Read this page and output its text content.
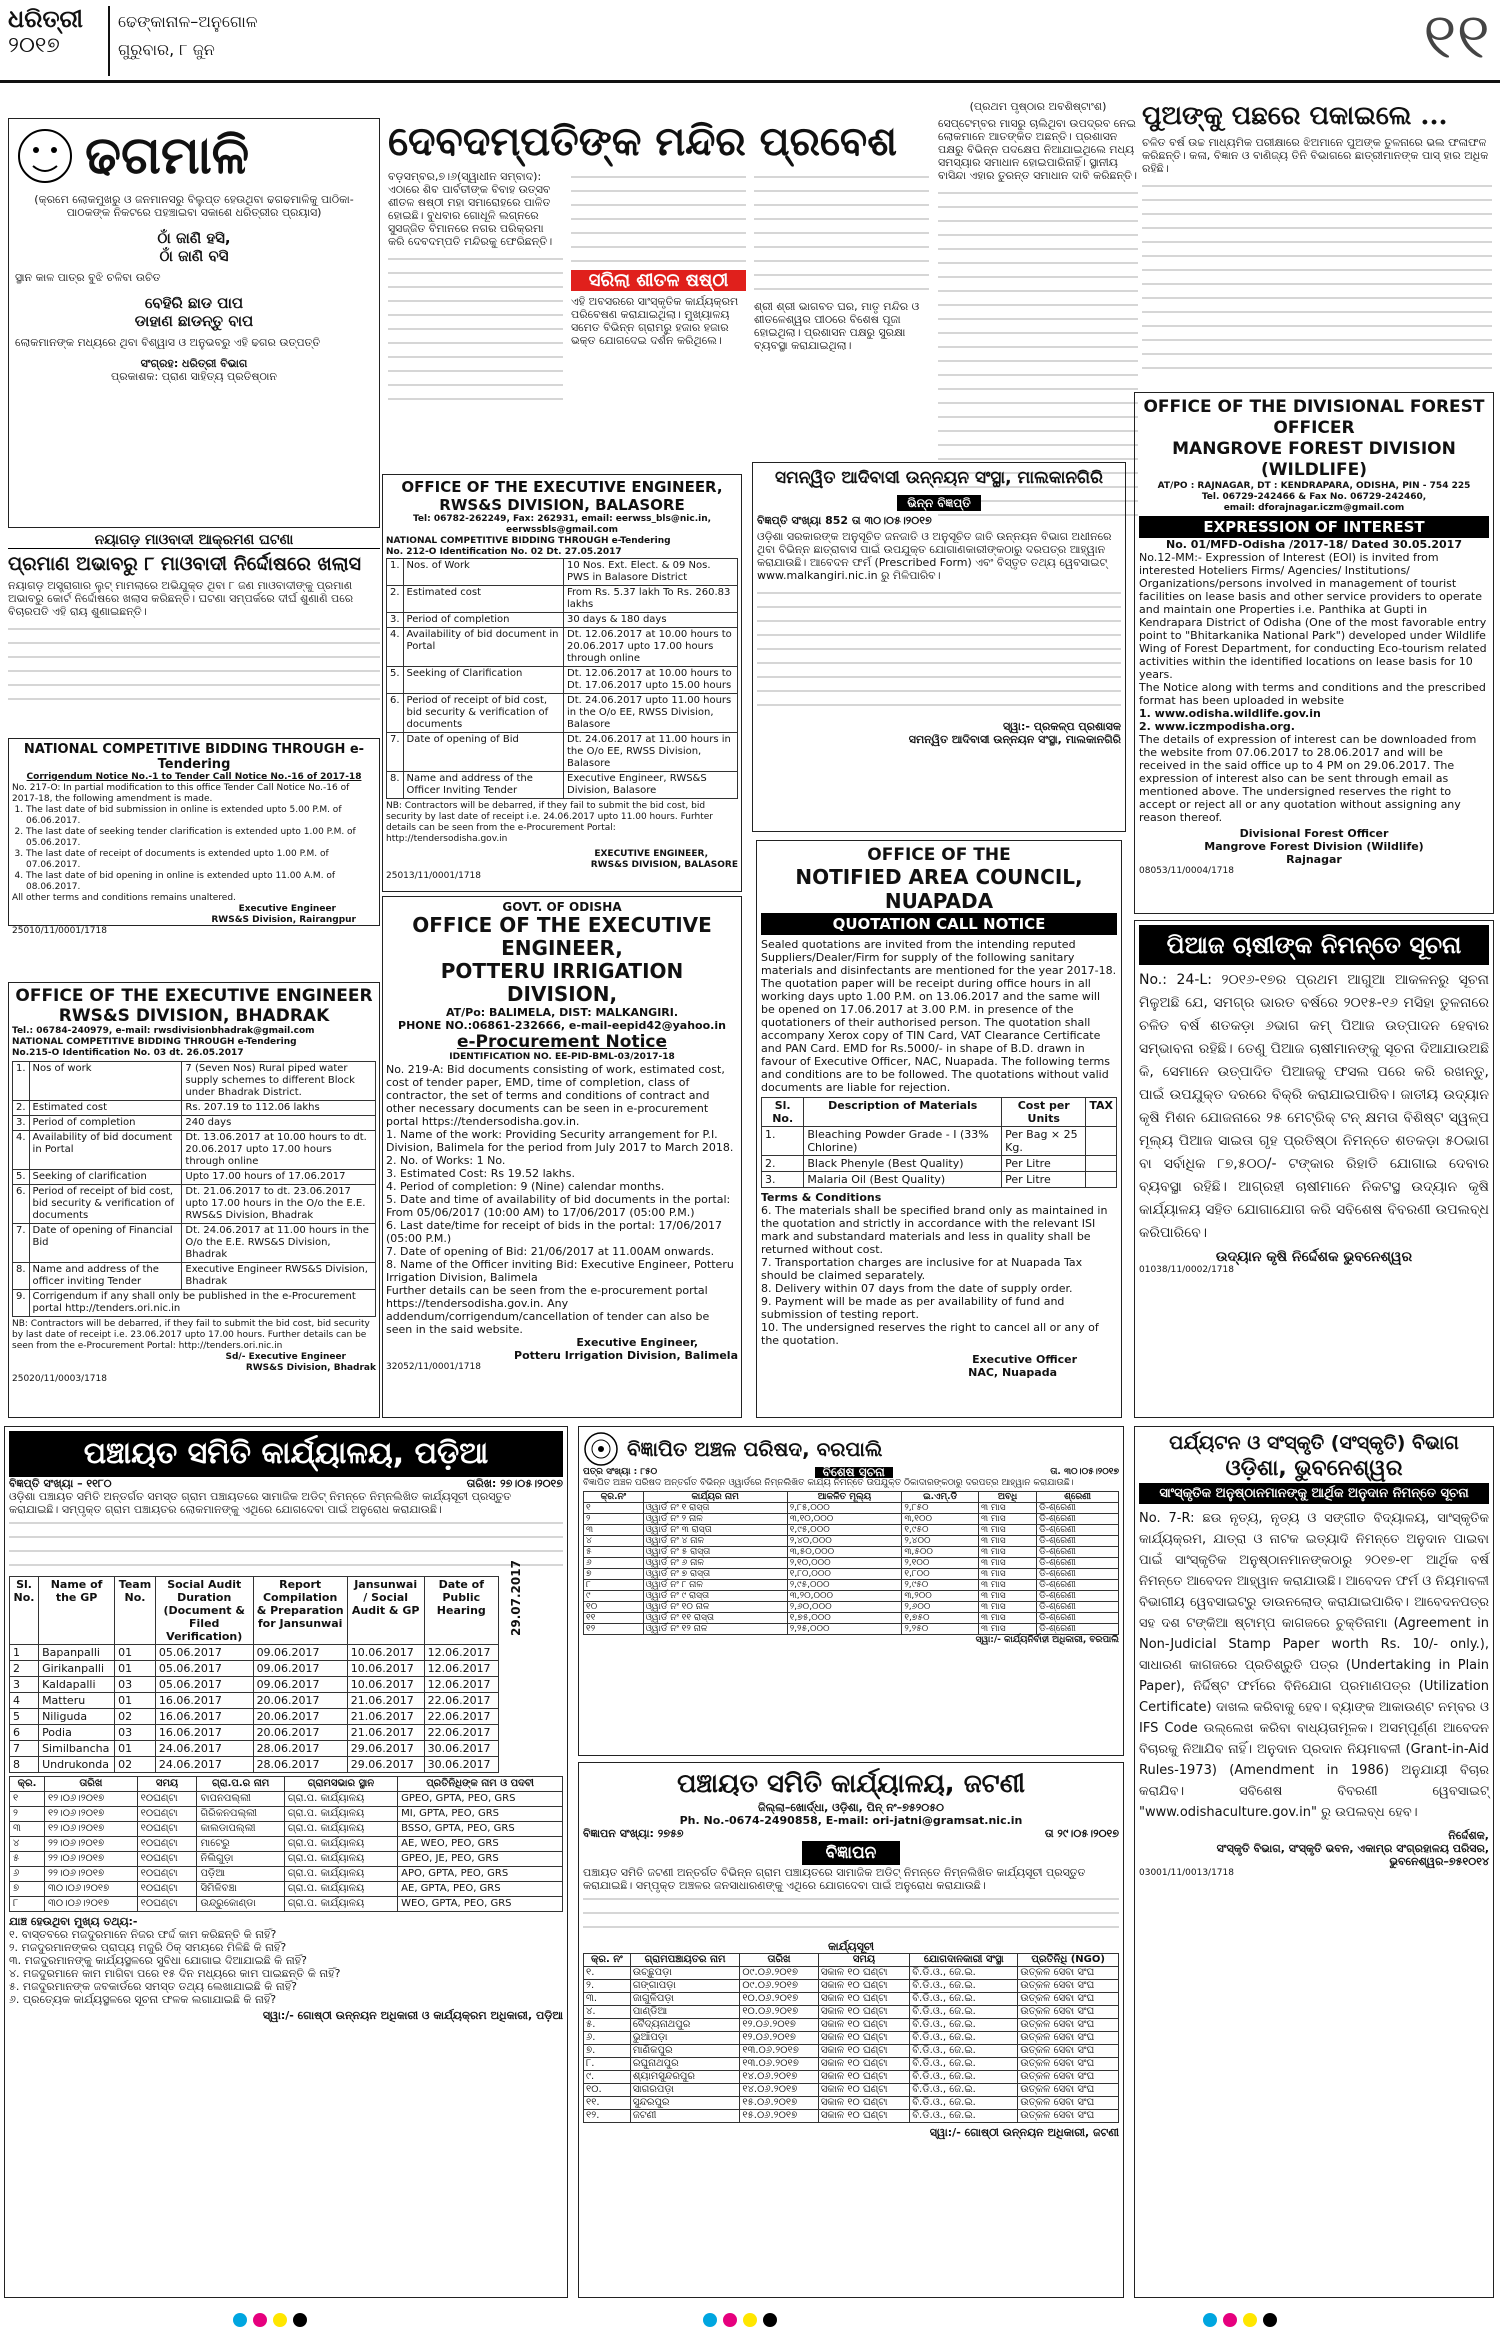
ଧରିତ୍ରୀ
୨୦୧୭
ଢେଙ୍କାନାଳ–ଅନୁଗୋଳ
ଗୁରୁବାର, ୮ ଜୁନ	୧୧
ଢଗମାଳି
(କ୍ରମେ ଲୋକମୁଖରୁ ଓ ଜନମାନସରୁ ବିଲୁପ୍ତ ହେଉଥିବା ଢଗଢମାଳିକୁ ପାଠିକା-ପାଠକଙ୍କ ନିକଟରେ ପହଞ୍ଚାଇବା ସକାଶେ ଧରିତ୍ରୀର ପ୍ରୟାସ)
ଠାଁ ଜାଣି ହସି,
ଠାଁ ଜାଣି ବସି
ସ୍ଥାନ କାଳ ପାତ୍ର ବୁଝି ଚଳିବା ଉଚିତ
ବେହିରି ଛାଡ ପାପ
ଡାହାଣ ଛାଡନ୍ତୁ ବାପ
ଲୋକମାନଙ୍କ ମଧ୍ୟରେ ଥିବା ବିଶ୍ୱାସ ଓ ଅନୁଭବରୁ ଏହି ଢଗର ଉତ୍ପତ୍ତି
ସଂଗ୍ରହ: ଧରିତ୍ରୀ ବିଭାଗ
ପ୍ରକାଶକ: ପ୍ରାଣ ସାହିତ୍ୟ ପ୍ରତିଷ୍ଠାନ
ନୟାଗଡ଼ ମାଓବାଦୀ ଆକ୍ରମଣ ଘଟଣା
ପ୍ରମାଣ ଅଭାବରୁ ୮ ମାଓବାଦୀ ନିର୍ଦ୍ଦୋଷରେ ଖଲାସ
ନୟାଗଡ଼ ଅସ୍ତ୍ରାଗାର ଲୁଟ୍ ମାମଲାରେ ଅଭିଯୁକ୍ତ ଥିବା ୮ ଜଣ ମାଓବାଦୀଙ୍କୁ ପ୍ରମାଣ ଅଭାବରୁ କୋର୍ଟ ନିର୍ଦ୍ଦୋଷରେ ଖଲାସ କରିଛନ୍ତି। ଘଟଣା ସମ୍ପର୍କରେ ଦୀର୍ଘ ଶୁଣାଣି ପରେ ବିଚାରପତି ଏହି ରାୟ ଶୁଣାଇଛନ୍ତି।
NATIONAL COMPETITIVE BIDDING THROUGH e-Tendering
Corrigendum Notice No.-1 to Tender Call Notice No.-16 of 2017-18
No. 217-O: In partial modification to this office Tender Call Notice No.-16 of 2017-18, the following amendment is made.
1. The last date of bid submission in online is extended upto 5.00 P.M. of 06.06.2017.
2. The last date of seeking tender clarification is extended upto 1.00 P.M. of 05.06.2017.
3. The last date of receipt of documents is extended upto 1.00 P.M. of 07.06.2017.
4. The last date of bid opening in online is extended upto 11.00 A.M. of 08.06.2017.
All other terms and conditions remains unaltered.
Executive Engineer
RWS&S Division, Rairangpur
25010/11/0001/1718
OFFICE OF THE EXECUTIVE ENGINEER RWS&S DIVISION, BHADRAK
Tel.: 06784-240979, e-mail: rwsdivisionbhadrak@gmail.com
NATIONAL COMPETITIVE BIDDING THROUGH e-Tendering
No.215-O Identification No. 03 dt. 26.05.2017
1.	Nos of work	7 (Seven Nos) Rural piped water supply schemes to different Block under Bhadrak District.
2.	Estimated cost	Rs. 207.19 to 112.06 lakhs
3.	Period of completion	240 days
4.	Availability of bid document in Portal	Dt. 13.06.2017 at 10.00 hours to dt. 20.06.2017 upto 17.00 hours through online
5.	Seeking of clarification	Upto 17.00 hours of 17.06.2017
6.	Period of receipt of bid cost, bid security & verification of documents	Dt. 21.06.2017 to dt. 23.06.2017 upto 17.00 hours in the O/o the E.E. RWS&S Division, Bhadrak
7.	Date of opening of Financial Bid	Dt. 24.06.2017 at 11.00 hours in the O/o the E.E. RWS&S Division, Bhadrak
8.	Name and address of the officer inviting Tender	Executive Engineer RWS&S Division, Bhadrak
9.	Corrigendum if any shall only be published in the e-Procurement portal http://tenders.ori.nic.in	
NB: Contractors will be debarred, if they fail to submit the bid cost, bid security by last date of receipt i.e. 23.06.2017 upto 17.00 hours. Further details can be seen from the e-Procurement Portal: http://tenders.ori.nic.in
Sd/- Executive Engineer
RWS&S Division, Bhadrak
25020/11/0003/1718
ଦେବଦମ୍ପତିଙ୍କ ମନ୍ଦିର ପ୍ରବେଶ
ବଡ଼ସମ୍ବର,୭।୬(ସ୍ୱାଧୀନ ସମ୍ବାଦ): ଏଠାରେ ଶିବ ପାର୍ବତୀଙ୍କ ବିବାହ ଉତ୍ସବ ଶୀତଳ ଷଷ୍ଠୀ ମହା ସମାରୋହରେ ପାଳିତ ହୋଇଛି। ବୁଧବାର ଗୋଧୂଳି ଲଗ୍ନରେ ସୁସଜ୍ଜିତ ବିମାନରେ ନଗର ପରିକ୍ରମା କରି ଦେବଦମ୍ପତି ମନ୍ଦିରକୁ ଫେରିଛନ୍ତି।
ସରିଲା ଶୀତଳ ଷଷ୍ଠୀ
ଏହି ଅବସରରେ ସାଂସ୍କୃତିକ କାର୍ଯ୍ୟକ୍ରମ ପରିବେଷଣ କରାଯାଇଥିଲା। ମୁଖ୍ୟାଳୟ ସମେତ ବିଭିନ୍ନ ଗ୍ରାମରୁ ହଜାର ହଜାର ଭକ୍ତ ଯୋଗଦେଇ ଦର୍ଶନ କରିଥିଲେ।
ଶ୍ରୀ ଶ୍ରୀ ଭାଗବତ ଘର, ମାତୃ ମନ୍ଦିର ଓ ଶୀତଳେଶ୍ୱର ପୀଠରେ ବିଶେଷ ପୂଜା ହୋଇଥିଲା। ପ୍ରଶାସନ ପକ୍ଷରୁ ସୁରକ୍ଷା ବ୍ୟବସ୍ଥା କରାଯାଇଥିଲା।
OFFICE OF THE EXECUTIVE ENGINEER, RWS&S DIVISION, BALASORE
Tel: 06782-262249, Fax: 262931, email: eerwss_bls@nic.in, eerwssbls@gmail.com
NATIONAL COMPETITIVE BIDDING THROUGH e-Tendering
No. 212-O Identification No. 02 Dt. 27.05.2017
1.	Nos. of Work	10 Nos. Ext. Elect. & 09 Nos. PWS in Balasore District
2.	Estimated cost	From Rs. 5.37 lakh To Rs. 260.83 lakhs
3.	Period of completion	30 days & 180 days
4.	Availability of bid document in Portal	Dt. 12.06.2017 at 10.00 hours to 20.06.2017 upto 17.00 hours through online
5.	Seeking of Clarification	Dt. 12.06.2017 at 10.00 hours to Dt. 17.06.2017 upto 15.00 hours
6.	Period of receipt of bid cost, bid security & verification of documents	Dt. 24.06.2017 upto 11.00 hours in the O/o EE, RWSS Division, Balasore
7.	Date of opening of Bid	Dt. 24.06.2017 at 11.00 hours in the O/o EE, RWSS Division, Balasore
8.	Name and address of the Officer Inviting Tender	Executive Engineer, RWS&S Division, Balasore
NB: Contractors will be debarred, if they fail to submit the bid cost, bid security by last date of receipt i.e. 24.06.2017 upto 11.00 hours. Furhter details can be seen from the e-Procurement Portal: http://tendersodisha.gov.in
EXECUTIVE ENGINEER,
RWS&S DIVISION, BALASORE
25013/11/0001/1718
GOVT. OF ODISHA
OFFICE OF THE EXECUTIVE ENGINEER,
POTTERU IRRIGATION DIVISION,
AT/Po: BALIMELA, DIST: MALKANGIRI.
PHONE NO.:06861-232666, e-mail-eepid42@yahoo.in
e-Procurement Notice
IDENTIFICATION NO. EE-PID-BML-03/2017-18
No. 219-A: Bid documents consisting of work, estimated cost, cost of tender paper, EMD, time of completion, class of contractor, the set of terms and conditions of contract and other necessary documents can be seen in e-procurement portal https://tendersodisha.gov.in.
1. Name of the work: Providing Security arrangement for P.I. Division, Balimela for the period from July 2017 to March 2018.
2. No. of Works: 1 No.
3. Estimated Cost: Rs 19.52 lakhs.
4. Period of completion: 9 (Nine) calendar months.
5. Date and time of availability of bid documents in the portal: From 05/06/2017 (10:00 AM) to 17/06/2017 (05:00 P.M.)
6. Last date/time for receipt of bids in the portal: 17/06/2017 (05:00 P.M.)
7. Date of opening of Bid: 21/06/2017 at 11.00AM onwards.
8. Name of the Officer inviting Bid: Executive Engineer, Potteru Irrigation Division, Balimela
Further details can be seen from the e-procurement portal https://tendersodisha.gov.in. Any addendum/corrigendum/cancellation of tender can also be seen in the said website.
Executive Engineer,
Potteru Irrigation Division, Balimela
32052/11/0001/1718
(ପ୍ରଥମ ପୃଷ୍ଠାର ଅବଶିଷ୍ଟାଂଶ)
ସେପ୍ଟେମ୍ବର ମାସରୁ ଚାଲିଥିବା ଉପଦ୍ରବ ନେଇ ଲୋକମାନେ ଆତଙ୍କିତ ଅଛନ୍ତି। ପ୍ରଶାସନ ପକ୍ଷରୁ ବିଭିନ୍ନ ପଦକ୍ଷେପ ନିଆଯାଇଥିଲେ ମଧ୍ୟ ସମସ୍ୟାର ସମାଧାନ ହୋଇପାରିନାହିଁ। ସ୍ଥାନୀୟ ବାସିନ୍ଦା ଏହାର ତୁରନ୍ତ ସମାଧାନ ଦାବି କରିଛନ୍ତି।
ପୁଅଙ୍କୁ ପଛରେ ପକାଇଲେ ...
ଚଳିତ ବର୍ଷ ଉଚ୍ଚ ମାଧ୍ୟମିକ ପରୀକ୍ଷାରେ ଝିଅମାନେ ପୁଅଙ୍କ ତୁଳନାରେ ଭଲ ଫଳାଫଳ କରିଛନ୍ତି। କଳା, ବିଜ୍ଞାନ ଓ ବାଣିଜ୍ୟ ତିନି ବିଭାଗରେ ଛାତ୍ରୀମାନଙ୍କ ପାସ୍ ହାର ଅଧିକ ରହିଛି।
ସମନ୍ୱିତ ଆଦିବାସୀ ଉନ୍ନୟନ ସଂସ୍ଥା, ମାଲକାନଗିରି
ଭିନ୍ନ ବିଜ୍ଞପ୍ତି
ବିଜ୍ଞପ୍ତି ସଂଖ୍ୟା 852 ତା ୩୦।୦୫।୨୦୧୭
ଓଡ଼ିଶା ସରକାରଙ୍କ ଅନୁସୂଚିତ ଜନଜାତି ଓ ଅନୁସୂଚିତ ଜାତି ଉନ୍ନୟନ ବିଭାଗ ଅଧୀନରେ ଥିବା ବିଭିନ୍ନ ଛାତ୍ରାବାସ ପାଇଁ ଉପଯୁକ୍ତ ଯୋଗାଣକାରୀଙ୍କଠାରୁ ଦରପତ୍ର ଆହ୍ୱାନ କରାଯାଉଛି। ଆବେଦନ ଫର୍ମ (Prescribed Form) ଏବଂ ବିସ୍ତୃତ ତଥ୍ୟ ୱେବସାଇଟ୍ www.malkangiri.nic.in ରୁ ମିଳିପାରିବ।
ସ୍ୱା:- ପ୍ରକଳ୍ପ ପ୍ରଶାସକ
ସମନ୍ୱିତ ଆଦିବାସୀ ଉନ୍ନୟନ ସଂସ୍ଥା, ମାଲକାନଗିରି
OFFICE OF THE
NOTIFIED AREA COUNCIL, NUAPADA
QUOTATION CALL NOTICE
Sealed quotations are invited from the intending reputed Suppliers/Dealer/Firm for supply of the following sanitary materials and disinfectants are mentioned for the year 2017-18. The quotation paper will be receipt during office hours in all working days upto 1.00 P.M. on 13.06.2017 and the same will be opened on 17.06.2017 at 3.00 P.M. in presence of the quotationers of their authorised person. The quotation shall accompany Xerox copy of TIN Card, VAT Clearance Certificate and PAN Card. EMD for Rs.5000/- in shape of B.D. drawn in favour of Executive Officer, NAC, Nuapada. The following terms and conditions are to be followed. The quotations without valid documents are liable for rejection.
Sl. No.	Description of Materials	Cost per Units	TAX
1.	Bleaching Powder Grade - I (33% Chlorine)	Per Bag × 25 Kg.	
2.	Black Phenyle (Best Quality)	Per Litre	
3.	Malaria Oil (Best Quality)	Per Litre	
Terms & Conditions
6. The materials shall be specified brand only as maintained in the quotation and strictly in accordance with the relevant ISI mark and substandard materials and less in quality shall be returned without cost.
7. Transportation charges are inclusive for at Nuapada Tax should be claimed separately.
8. Delivery within 07 days from the date of supply order.
9. Payment will be made as per availability of fund and submission of testing report.
10. The undersigned reserves the right to cancel all or any of the quotation.
Executive Officer
NAC, Nuapada
OFFICE OF THE DIVISIONAL FOREST OFFICER
MANGROVE FOREST DIVISION (WILDLIFE)
AT/PO : RAJNAGAR, DT : KENDRAPARA, ODISHA, PIN - 754 225
Tel. 06729-242466 & Fax No. 06729-242460,
email: dforajnagar.iczm@gmail.com
EXPRESSION OF INTEREST
No. 01/MFD-Odisha /2017-18/ Dated 30.05.2017
No.12-MM:- Expression of Interest (EOI) is invited from interested Hoteliers Firms/ Agencies/ Institutions/ Organizations/persons involved in management of tourist facilities on lease basis and other service providers to operate and maintain one Properties i.e. Panthika at Gupti in Kendrapara District of Odisha (One of the most favorable entry point to "Bhitarkanika National Park") developed under Wildlife Wing of Forest Department, for conducting Eco-tourism related activities within the identified locations on lease basis for 10 years.
The Notice along with terms and conditions and the prescribed format has been uploaded in website
1. www.odisha.wildlife.gov.in
2. www.iczmpodisha.org.
The details of expression of interest can be downloaded from the website from 07.06.2017 to 28.06.2017 and will be received in the said office up to 4 PM on 29.06.2017. The expression of interest also can be sent through email as mentioned above. The undersigned reserves the right to accept or reject all or any quotation without assigning any reason thereof.
Divisional Forest Officer
Mangrove Forest Division (Wildlife)
Rajnagar
08053/11/0004/1718
ପିଆଜ ଚାଷୀଙ୍କ ନିମନ୍ତେ ସୂଚନା
No.: 24-L: ୨୦୧୬-୧୭ର ପ୍ରଥମ ଆଗୁଆ ଆକଳନରୁ ସୂଚନା ମିଳୁଅଛି ଯେ, ସମଗ୍ର ଭାରତ ବର୍ଷରେ ୨୦୧୫-୧୬ ମସିହା ତୁଳନାରେ ଚଳିତ ବର୍ଷ ଶତକଡ଼ା ୬ଭାଗ କମ୍ ପିଆଜ ଉତ୍ପାଦନ ହେବାର ସମ୍ଭାବନା ରହିଛି। ତେଣୁ ପିଆଜ ଚାଷୀମାନଙ୍କୁ ସୂଚନା ଦିଆଯାଉଅଛି କି, ସେମାନେ ଉତ୍ପାଦିତ ପିଆଜକୁ ଫସଲ ପରେ କରି ରଖନ୍ତୁ, ପାଇଁ ଉପଯୁକ୍ତ ଦରରେ ବିକ୍ରି କରାଯାଇପାରିବ। ଜାତୀୟ ଉଦ୍ୟାନ କୃଷି ମିଶନ ଯୋଜନାରେ ୨୫ ମେଟ୍ରିକ୍ ଟନ୍ କ୍ଷମତା ବିଶିଷ୍ଟ ସ୍ୱଳ୍ପ ମୂଲ୍ୟ ପିଆଜ ସାଇତା ଗୃହ ପ୍ରତିଷ୍ଠା ନିମନ୍ତେ ଶତକଡ଼ା ୫୦ଭାଗ ବା ସର୍ବାଧିକ ୮୭,୫୦୦/- ଟଙ୍କାର ରିହାତି ଯୋଗାଇ ଦେବାର ବ୍ୟବସ୍ଥା ରହିଛି। ଆଗ୍ରହୀ ଚାଷୀମାନେ ନିକଟସ୍ଥ ଉଦ୍ୟାନ କୃଷି କାର୍ଯ୍ୟାଳୟ ସହିତ ଯୋଗାଯୋଗ କରି ସବିଶେଷ ବିବରଣୀ ଉପଲବ୍ଧ କରିପାରିବେ।
ଉଦ୍ୟାନ କୃଷି ନିର୍ଦ୍ଦେଶକ ଭୁବନେଶ୍ୱର
01038/11/0002/1718
ପଞ୍ଚାୟତ ସମିତି କାର୍ଯ୍ୟାଳୟ, ପଡ଼ିଆ
ବିଜ୍ଞପ୍ତି ସଂଖ୍ୟା – ୧୧୮୦	ତାରିଖ: ୨୭।୦୫।୨୦୧୭
ଓଡ଼ିଶା ପଞ୍ଚାୟତ ସମିତି ଅନ୍ତର୍ଗତ ସମସ୍ତ ଗ୍ରାମ ପଞ୍ଚାୟତରେ ସାମାଜିକ ଅଡିଟ୍ ନିମନ୍ତେ ନିମ୍ନଲିଖିତ କାର୍ଯ୍ୟସୂଚୀ ପ୍ରସ୍ତୁତ କରାଯାଇଛି। ସମ୍ପୃକ୍ତ ଗ୍ରାମ ପଞ୍ଚାୟତର ଲୋକମାନଙ୍କୁ ଏଥିରେ ଯୋଗଦେବା ପାଇଁ ଅନୁରୋଧ କରାଯାଉଛି।
Sl. No.	Name of the GP	Team No.	Social Audit Duration (Document & Filed Verification)	Report Compilation & Preparation for Jansunwai	Jansunwai / Social Audit & GP	Date of Public Hearing
1	Bapanpalli	01	05.06.2017	09.06.2017	10.06.2017	12.06.2017
2	Girikanpalli	01	05.06.2017	09.06.2017	10.06.2017	12.06.2017
3	Kaldapalli	03	05.06.2017	09.06.2017	10.06.2017	12.06.2017
4	Matteru	01	16.06.2017	20.06.2017	21.06.2017	22.06.2017
5	Niliguda	02	16.06.2017	20.06.2017	21.06.2017	22.06.2017
6	Podia	03	16.06.2017	20.06.2017	21.06.2017	22.06.2017
7	Similbancha	01	24.06.2017	28.06.2017	29.06.2017	30.06.2017
8	Undrukonda	02	24.06.2017	28.06.2017	29.06.2017	30.06.2017
29.07.2017
କ୍ର.	ତାରିଖ	ସମୟ	ଗ୍ରା.ପ.ର ନାମ	ଗ୍ରାମସଭାର ସ୍ଥାନ	ପ୍ରତିନିଧିଙ୍କ ନାମ ଓ ପଦବୀ
୧	୧୨।୦୬।୨୦୧୭	୧୦ଘଣ୍ଟା	ବାପନପଲ୍ଲୀ	ଗ୍ରା.ପ. କାର୍ଯ୍ୟାଳୟ	GPEO, GPTA, PEO, GRS
୨	୧୨।୦୬।୨୦୧୭	୧୦ଘଣ୍ଟା	ଗିରିକନପଲ୍ଲୀ	ଗ୍ରା.ପ. କାର୍ଯ୍ୟାଳୟ	MI, GPTA, PEO, GRS
୩	୧୨।୦୬।୨୦୧୭	୧୦ଘଣ୍ଟା	କାଲଡାପଲ୍ଲୀ	ଗ୍ରା.ପ. କାର୍ଯ୍ୟାଳୟ	BSSO, GPTA, PEO, GRS
୪	୨୨।୦୬।୨୦୧୭	୧୦ଘଣ୍ଟା	ମାଟେରୁ	ଗ୍ରା.ପ. କାର୍ଯ୍ୟାଳୟ	AE, WEO, PEO, GRS
୫	୨୨।୦୬।୨୦୧୭	୧୦ଘଣ୍ଟା	ନିଲିଗୁଡ଼ା	ଗ୍ରା.ପ. କାର୍ଯ୍ୟାଳୟ	GPEO, JE, PEO, GRS
୬	୨୨।୦୬।୨୦୧୭	୧୦ଘଣ୍ଟା	ପଡ଼ିଆ	ଗ୍ରା.ପ. କାର୍ଯ୍ୟାଳୟ	APO, GPTA, PEO, GRS
୭	୩୦।୦୬।୨୦୧୭	୧୦ଘଣ୍ଟା	ସିମିଳିବଞ୍ଚା	ଗ୍ରା.ପ. କାର୍ଯ୍ୟାଳୟ	AE, GPTA, PEO, GRS
୮	୩୦।୦୬।୨୦୧୭	୧୦ଘଣ୍ଟା	ଉନ୍ଦ୍ରୁକୋଣ୍ଡା	ଗ୍ରା.ପ. କାର୍ଯ୍ୟାଳୟ	WEO, GPTA, PEO, GRS
ଯାଞ୍ଚ ହେଉଥିବା ମୁଖ୍ୟ ତଥ୍ୟ:-
୧. ବାସ୍ତବରେ ମଜଦୁରମାନେ ନିଜର ଫର୍ଦ୍ଦ କାମ କରିଛନ୍ତି କି ନାହିଁ?
୨. ମଜଦୁରମାନଙ୍କର ପ୍ରାପ୍ୟ ମଜୁରି ଠିକ୍ ସମୟରେ ମିଳିଛି କି ନାହିଁ?
୩. ମଜଦୁରମାନଙ୍କୁ କାର୍ଯ୍ୟସ୍ଥଳରେ ସୁବିଧା ଯୋଗାଇ ଦିଆଯାଇଛି କି ନାହିଁ?
୪. ମଜଦୁରମାନେ କାମ ମାଗିବା ପରେ ୧୫ ଦିନ ମଧ୍ୟରେ କାମ ପାଇଛନ୍ତି କି ନାହିଁ?
୫. ମଜଦୁରମାନଙ୍କ ଜବକାର୍ଡରେ ସମସ୍ତ ତଥ୍ୟ ଲେଖାଯାଇଛି କି ନାହିଁ?
୬. ପ୍ରତ୍ୟେକ କାର୍ଯ୍ୟସ୍ଥଳରେ ସୂଚନା ଫଳକ ଲଗାଯାଇଛି କି ନାହିଁ?
ସ୍ୱା:/- ଗୋଷ୍ଠୀ ଉନ୍ନୟନ ଅଧିକାରୀ ଓ କାର୍ଯ୍ୟକ୍ରମ ଅଧିକାରୀ, ପଡ଼ିଆ
ବିଜ୍ଞାପିତ ଅଞ୍ଚଳ ପରିଷଦ, ବରପାଲି
ପତ୍ର ସଂଖ୍ୟା : ୮୫୦	ବିଶେଷ ସୂଚନା	ତା. ୩୦।୦୫।୨୦୧୭
ବିଜ୍ଞାପିତ ଅଞ୍ଚଳ ପରିଷଦ ଅନ୍ତର୍ଗତ ବିଭିନ୍ନ ଓ୍ୱାର୍ଡରେ ନିମ୍ନଲିଖିତ କାର୍ଯ୍ୟ ନିମନ୍ତେ ଉପଯୁକ୍ତ ଠିକାଦାରଙ୍କଠାରୁ ଦରପତ୍ର ଆହ୍ୱାନ କରାଯାଉଛି।
କ୍ର.ନଂ	କାର୍ଯ୍ୟର ନାମ	ଆକଳିତ ମୂଲ୍ୟ	ଇ.ଏମ୍.ଡି	ଅବଧି	ଶ୍ରେଣୀ
୧	ଓ୍ୱାର୍ଡ ନଂ ୧ ରାସ୍ତା	୨,୮୫,୦୦୦	୨,୮୫୦	୩ ମାସ	ଡି-ଶ୍ରେଣୀ
୨	ଓ୍ୱାର୍ଡ ନଂ ୨ ନାଳ	୩,୧୦,୦୦୦	୩,୧୦୦	୩ ମାସ	ଡି-ଶ୍ରେଣୀ
୩	ଓ୍ୱାର୍ଡ ନଂ ୩ ରାସ୍ତା	୧,୯୫,୦୦୦	୧,୯୫୦	୩ ମାସ	ଡି-ଶ୍ରେଣୀ
୪	ଓ୍ୱାର୍ଡ ନଂ ୪ ନାଳ	୨,୪୦,୦୦୦	୨,୪୦୦	୩ ମାସ	ଡି-ଶ୍ରେଣୀ
୫	ଓ୍ୱାର୍ଡ ନଂ ୫ ରାସ୍ତା	୩,୫୦,୦୦୦	୩,୫୦୦	୩ ମାସ	ଡି-ଶ୍ରେଣୀ
୬	ଓ୍ୱାର୍ଡ ନଂ ୬ ନାଳ	୨,୧୦,୦୦୦	୨,୧୦୦	୩ ମାସ	ଡି-ଶ୍ରେଣୀ
୭	ଓ୍ୱାର୍ଡ ନଂ ୭ ରାସ୍ତା	୧,୮୦,୦୦୦	୧,୮୦୦	୩ ମାସ	ଡି-ଶ୍ରେଣୀ
୮	ଓ୍ୱାର୍ଡ ନଂ ୮ ନାଳ	୨,୯୫,୦୦୦	୨,୯୫୦	୩ ମାସ	ଡି-ଶ୍ରେଣୀ
୯	ଓ୍ୱାର୍ଡ ନଂ ୯ ରାସ୍ତା	୩,୨୦,୦୦୦	୩,୨୦୦	୩ ମାସ	ଡି-ଶ୍ରେଣୀ
୧୦	ଓ୍ୱାର୍ଡ ନଂ ୧୦ ନାଳ	୨,୬୦,୦୦୦	୨,୬୦୦	୩ ମାସ	ଡି-ଶ୍ରେଣୀ
୧୧	ଓ୍ୱାର୍ଡ ନଂ ୧୧ ରାସ୍ତା	୧,୭୫,୦୦୦	୧,୭୫୦	୩ ମାସ	ଡି-ଶ୍ରେଣୀ
୧୨	ଓ୍ୱାର୍ଡ ନଂ ୧୨ ନାଳ	୨,୨୫,୦୦୦	୨,୨୫୦	୩ ମାସ	ଡି-ଶ୍ରେଣୀ
ସ୍ୱା:/- କାର୍ଯ୍ୟନିର୍ବାହୀ ଅଧିକାରୀ, ବରପାଲି
ପଞ୍ଚାୟତ ସମିତି କାର୍ଯ୍ୟାଳୟ, ଜଟଣୀ
ଜିଲ୍ଲା–ଖୋର୍ଦ୍ଧା, ଓଡ଼ିଶା, ପିନ୍ ନଂ–୭୫୨୦୫୦
Ph. No.-0674-2490858, E-mail: ori-jatni@gramsat.nic.in
ବିଜ୍ଞାପନ ସଂଖ୍ୟା: ୨୭୫୭	ତା ୨୯।୦୫।୨୦୧୭
ବିଜ୍ଞାପନ
ପଞ୍ଚାୟତ ସମିତି ଜଟଣୀ ଅନ୍ତର୍ଗତ ବିଭିନ୍ନ ଗ୍ରାମ ପଞ୍ଚାୟତରେ ସାମାଜିକ ଅଡିଟ୍ ନିମନ୍ତେ ନିମ୍ନଲିଖିତ କାର୍ଯ୍ୟସୂଚୀ ପ୍ରସ୍ତୁତ କରାଯାଇଛି। ସମ୍ପୃକ୍ତ ଅଞ୍ଚଳର ଜନସାଧାରଣଙ୍କୁ ଏଥିରେ ଯୋଗଦେବା ପାଇଁ ଅନୁରୋଧ କରାଯାଉଛି।
କାର୍ଯ୍ୟସୂଚୀ
କ୍ର. ନଂ	ଗ୍ରାମପଞ୍ଚାୟତର ନାମ	ତାରିଖ	ସମୟ	ଯୋଗଦାନକାରୀ ସଂସ୍ଥା	ପ୍ରତିନିଧି (NGO)
୧.	ଉଚ୍ଛୁପଡ଼ା	୦୯.୦୬.୨୦୧୭	ସକାଳ ୧୦ ଘଣ୍ଟା	ବି.ଡି.ଓ., ଜେ.ଇ.	ଉତ୍କଳ ସେବା ସଂଘ
୨.	ଗଙ୍ଗାପଡ଼ା	୦୯.୦୬.୨୦୧୭	ସକାଳ ୧୦ ଘଣ୍ଟା	ବି.ଡି.ଓ., ଜେ.ଇ.	ଉତ୍କଳ ସେବା ସଂଘ
୩.	ଜାଗୁଳିପଡ଼ା	୧୦.୦୬.୨୦୧୭	ସକାଳ ୧୦ ଘଣ୍ଟା	ବି.ଡି.ଓ., ଜେ.ଇ.	ଉତ୍କଳ ସେବା ସଂଘ
୪.	ପାଣ୍ଡିଆ	୧୦.୦୬.୨୦୧୭	ସକାଳ ୧୦ ଘଣ୍ଟା	ବି.ଡି.ଓ., ଜେ.ଇ.	ଉତ୍କଳ ସେବା ସଂଘ
୫.	ବୈଦ୍ୟନାଥପୁର	୧୨.୦୬.୨୦୧୭	ସକାଳ ୧୦ ଘଣ୍ଟା	ବି.ଡି.ଓ., ଜେ.ଇ.	ଉତ୍କଳ ସେବା ସଂଘ
୬.	ଭୁଆଁପଡ଼ା	୧୨.୦୬.୨୦୧୭	ସକାଳ ୧୦ ଘଣ୍ଟା	ବି.ଡି.ଓ., ଜେ.ଇ.	ଉତ୍କଳ ସେବା ସଂଘ
୭.	ମାଣିକପୁର	୧୩.୦୬.୨୦୧୭	ସକାଳ ୧୦ ଘଣ୍ଟା	ବି.ଡି.ଓ., ଜେ.ଇ.	ଉତ୍କଳ ସେବା ସଂଘ
୮.	ରଘୁନାଥପୁର	୧୩.୦୬.୨୦୧୭	ସକାଳ ୧୦ ଘଣ୍ଟା	ବି.ଡି.ଓ., ଜେ.ଇ.	ଉତ୍କଳ ସେବା ସଂଘ
୯.	ଶ୍ୟାମସୁନ୍ଦରପୁର	୧୪.୦୬.୨୦୧୭	ସକାଳ ୧୦ ଘଣ୍ଟା	ବି.ଡି.ଓ., ଜେ.ଇ.	ଉତ୍କଳ ସେବା ସଂଘ
୧୦.	ସାଗରପଡ଼ା	୧୪.୦୬.୨୦୧୭	ସକାଳ ୧୦ ଘଣ୍ଟା	ବି.ଡି.ଓ., ଜେ.ଇ.	ଉତ୍କଳ ସେବା ସଂଘ
୧୧.	ସୁନ୍ଦରପୁର	୧୫.୦୬.୨୦୧୭	ସକାଳ ୧୦ ଘଣ୍ଟା	ବି.ଡି.ଓ., ଜେ.ଇ.	ଉତ୍କଳ ସେବା ସଂଘ
୧୨.	ଜଟଣୀ	୧୫.୦୬.୨୦୧୭	ସକାଳ ୧୦ ଘଣ୍ଟା	ବି.ଡି.ଓ., ଜେ.ଇ.	ଉତ୍କଳ ସେବା ସଂଘ
ସ୍ୱା:/- ଗୋଷ୍ଠୀ ଉନ୍ନୟନ ଅଧିକାରୀ, ଜଟଣୀ
ପର୍ଯ୍ୟଟନ ଓ ସଂସ୍କୃତି (ସଂସ୍କୃତି) ବିଭାଗ
ଓଡ଼ିଶା, ଭୁବନେଶ୍ୱର
ସାଂସ୍କୃତିକ ଅନୁଷ୍ଠାନମାନଙ୍କୁ ଆର୍ଥିକ ଅନୁଦାନ ନିମନ୍ତେ ସୂଚନା
No. 7-R: ଛଉ ନୃତ୍ୟ, ନୃତ୍ୟ ଓ ସଙ୍ଗୀତ ବିଦ୍ୟାଳୟ, ସାଂସ୍କୃତିକ କାର୍ଯ୍ୟକ୍ରମ, ଯାତ୍ରା ଓ ନାଟକ ଇତ୍ୟାଦି ନିମନ୍ତେ ଅନୁଦାନ ପାଇବା ପାଇଁ ସାଂସ୍କୃତିକ ଅନୁଷ୍ଠାନମାନଙ୍କଠାରୁ ୨୦୧୭-୧୮ ଆର୍ଥିକ ବର୍ଷ ନିମନ୍ତେ ଆବେଦନ ଆହ୍ୱାନ କରାଯାଉଛି। ଆବେଦନ ଫର୍ମ ଓ ନିୟମାବଳୀ ବିଭାଗୀୟ ୱେବସାଇଟ୍‌ରୁ ଡାଉନଲୋଡ୍ କରାଯାଇପାରିବ। ଆବେଦନପତ୍ର ସହ ଦଶ ଟଙ୍କିଆ ଷ୍ଟାମ୍ପ କାଗଜରେ ଚୁକ୍ତିନାମା (Agreement in Non-Judicial Stamp Paper worth Rs. 10/- only.), ସାଧାରଣ କାଗଜରେ ପ୍ରତିଶ୍ରୁତି ପତ୍ର (Undertaking in Plain Paper), ନିର୍ଦ୍ଦିଷ୍ଟ ଫର୍ମରେ ବିନିଯୋଗ ପ୍ରମାଣପତ୍ର (Utilization Certificate) ଦାଖଲ କରିବାକୁ ହେବ। ବ୍ୟାଙ୍କ ଆକାଉଣ୍ଟ ନମ୍ବର ଓ IFS Code ଉଲ୍ଲେଖ କରିବା ବାଧ୍ୟତାମୂଳକ। ଅସମ୍ପୂର୍ଣ୍ଣ ଆବେଦନ ବିଚାରକୁ ନିଆଯିବ ନାହିଁ। ଅନୁଦାନ ପ୍ରଦାନ ନିୟମାବଳୀ (Grant-in-Aid Rules-1973) (Amendment in 1986) ଅନୁଯାୟୀ ବିଚାର କରାଯିବ। ସବିଶେଷ ବିବରଣୀ ୱେବସାଇଟ୍ "www.odishaculture.gov.in" ରୁ ଉପଲବ୍ଧ ହେବ।
ନିର୍ଦ୍ଦେଶକ,
ସଂସ୍କୃତି ବିଭାଗ, ସଂସ୍କୃତି ଭବନ, ଏକାମ୍ର ସଂଗ୍ରହାଳୟ ପରିସର,
ଭୁବନେଶ୍ୱର–୭୫୧୦୧୪
03001/11/0013/1718
